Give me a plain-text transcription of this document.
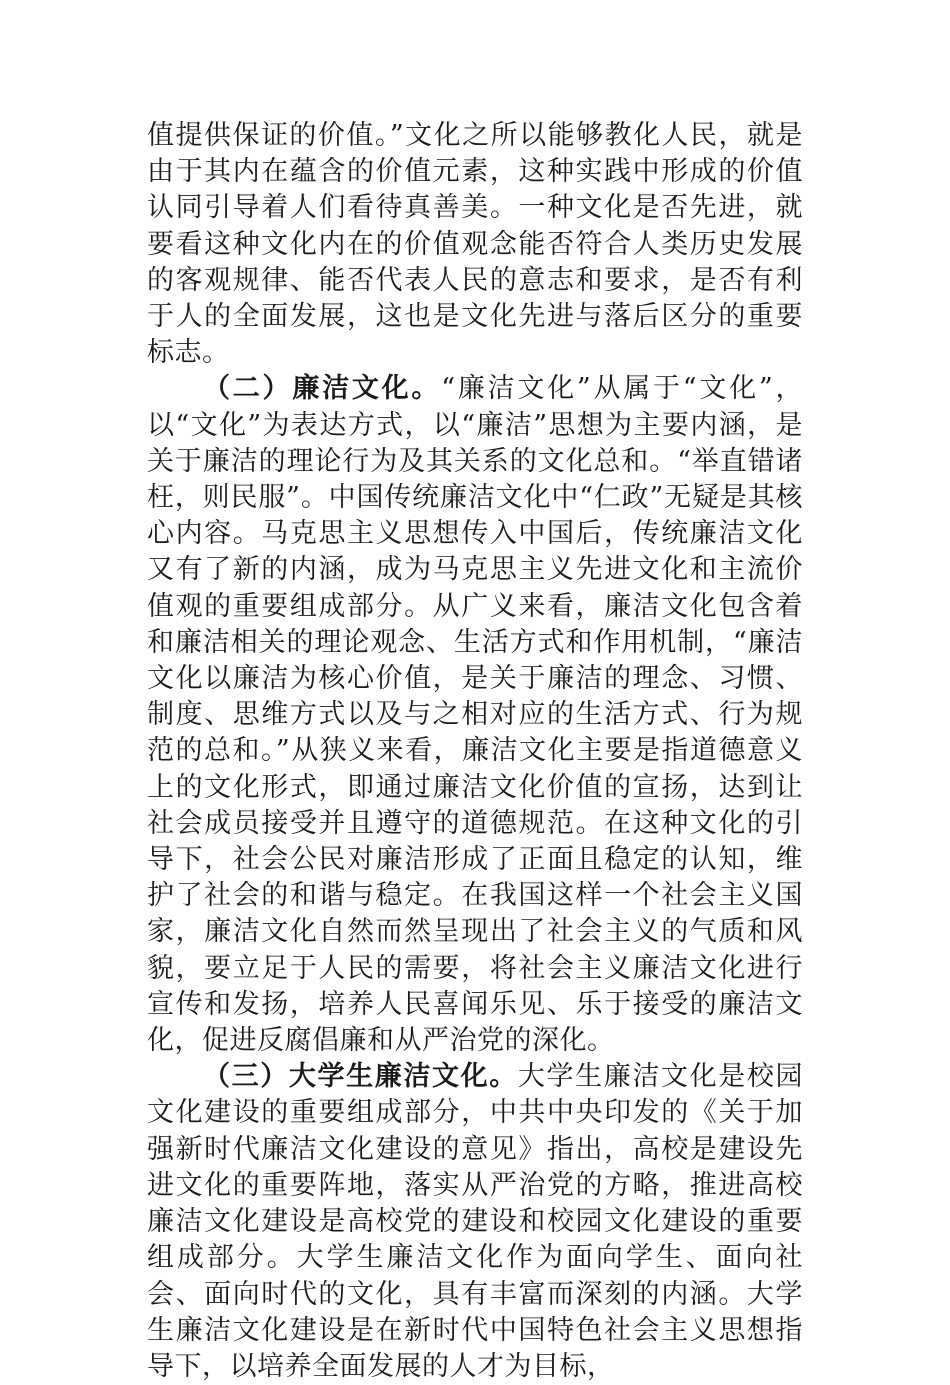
值提供保证的价值。”文化之所以能够教化人民，就是由于其内在蕴含的价值元素，这种实践中形成的价值认同引导着人们看待真善美。一种文化是否先进，就要看这种文化内在的价值观念能否符合人类历史发展的客观规律、能否代表人民的意志和要求，是否有利于人的全面发展，这也是文化先进与落后区分的重要标志。

（二）廉洁文化。“廉洁文化”从属于“文化”，以“文化”为表达方式，以“廉洁”思想为主要内涵，是关于廉洁的理论行为及其关系的文化总和。“举直错诸枉，则民服”。中国传统廉洁文化中“仁政”无疑是其核心内容。马克思主义思想传入中国后，传统廉洁文化又有了新的内涵，成为马克思主义先进文化和主流价值观的重要组成部分。从广义来看，廉洁文化包含着和廉洁相关的理论观念、生活方式和作用机制，“廉洁文化以廉洁为核心价值，是关于廉洁的理念、习惯、制度、思维方式以及与之相对应的生活方式、行为规范的总和。”从狭义来看，廉洁文化主要是指道德意义上的文化形式，即通过廉洁文化价值的宣扬，达到让社会成员接受并且遵守的道德规范。在这种文化的引导下，社会公民对廉洁形成了正面且稳定的认知，维护了社会的和谐与稳定。在我国这样一个社会主义国家，廉洁文化自然而然呈现出了社会主义的气质和风貌，要立足于人民的需要，将社会主义廉洁文化进行宣传和发扬，培养人民喜闻乐见、乐于接受的廉洁文化，促进反腐倡廉和从严治党的深化。

（三）大学生廉洁文化。大学生廉洁文化是校园文化建设的重要组成部分，中共中央印发的《关于加强新时代廉洁文化建设的意见》指出，高校是建设先进文化的重要阵地，落实从严治党的方略，推进高校廉洁文化建设是高校党的建设和校园文化建设的重要组成部分。大学生廉洁文化作为面向学生、面向社会、面向时代的文化，具有丰富而深刻的内涵。大学生廉洁文化建设是在新时代中国特色社会主义思想指导下，以培养全面发展的人才为目标，
